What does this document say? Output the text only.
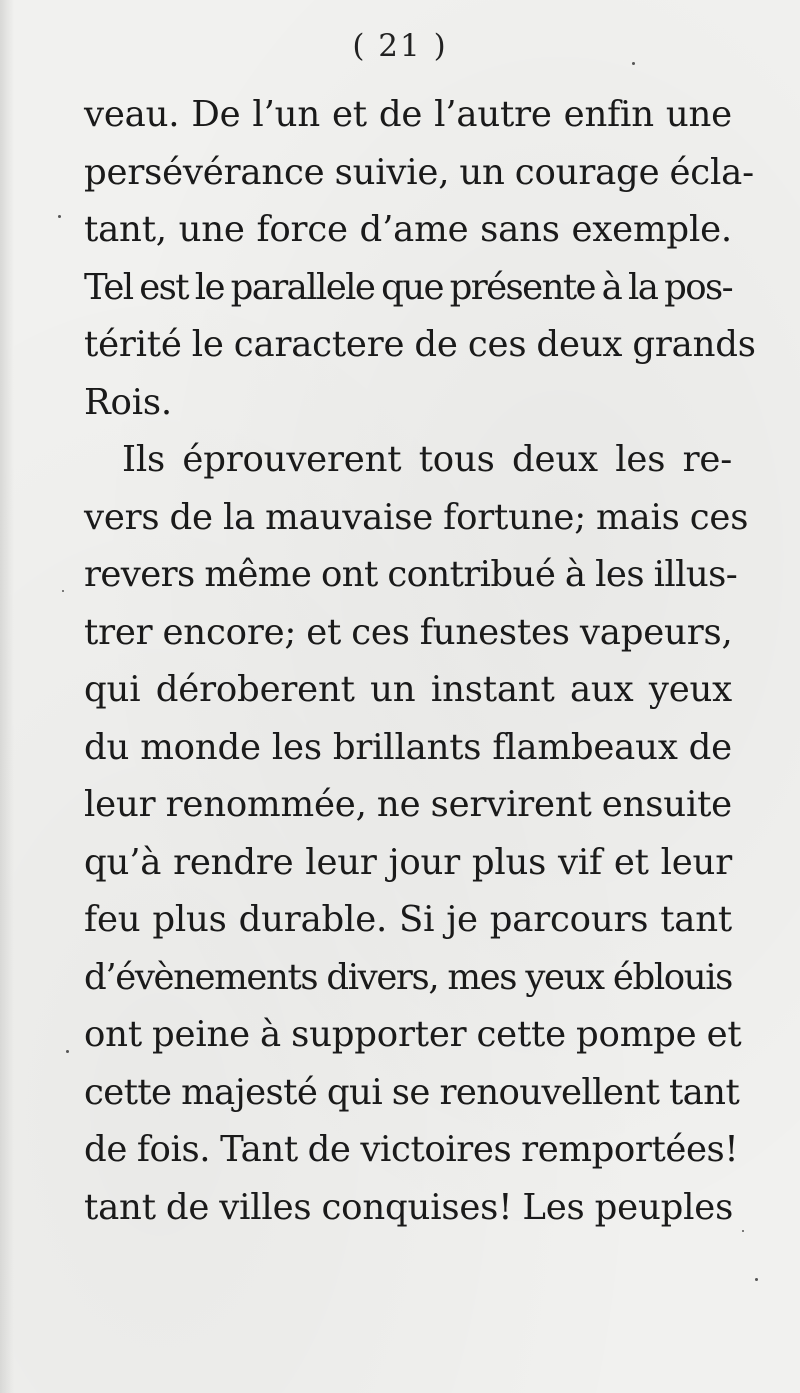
( 21 )
veau. De l’un et de l’autre enfin une
persévérance suivie, un courage écla-
tant, une force d’ame sans exemple.
Tel est le parallele que présente à la pos-
térité le caractere de ces deux grands
Rois.
Ils éprouverent tous deux les re-
vers de la mauvaise fortune; mais ces
revers même ont contribué à les illus-
trer encore; et ces funestes vapeurs,
qui déroberent un instant aux yeux
du monde les brillants flambeaux de
leur renommée, ne servirent ensuite
qu’à rendre leur jour plus vif et leur
feu plus durable. Si je parcours tant
d’évènements divers, mes yeux éblouis
ont peine à supporter cette pompe et
cette majesté qui se renouvellent tant
de fois. Tant de victoires remportées!
tant de villes conquises! Les peuples
